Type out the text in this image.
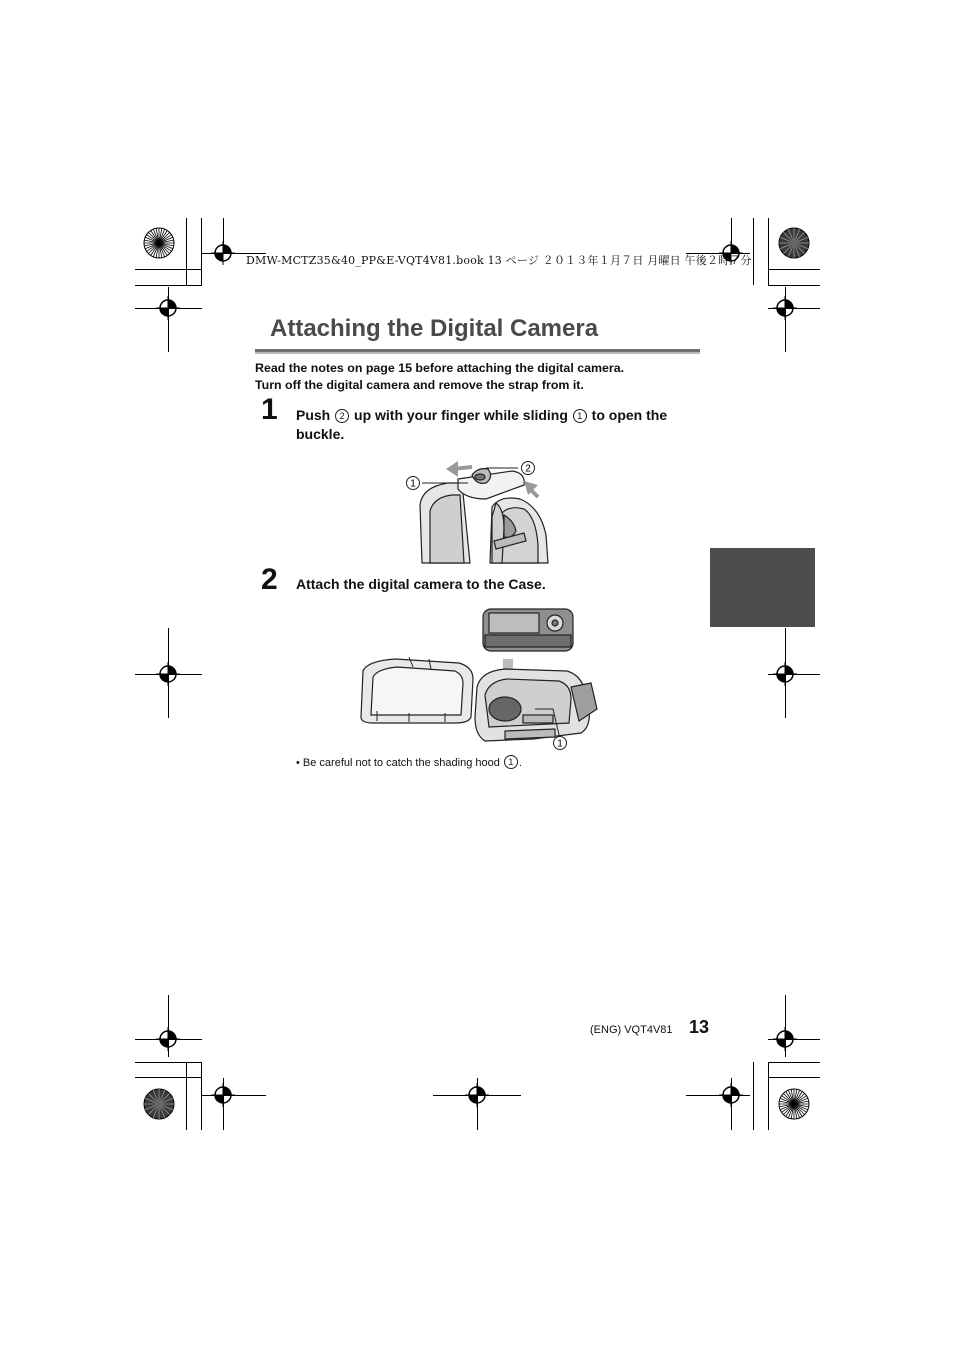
DMW-MCTZ35&40_PP&E-VQT4V81.book 13 ページ ２０１３年１月７日 月曜日 午後２時７分
Attaching the Digital Camera
Read the notes on page 15 before attaching the digital camera.
Turn off the digital camera and remove the strap from it.
1 Push 2 up with your finger while sliding 1 to open the buckle.
1
2
2 Attach the digital camera to the Case.
1
• Be careful not to catch the shading hood 1 .
(ENG) VQT4V81 13
